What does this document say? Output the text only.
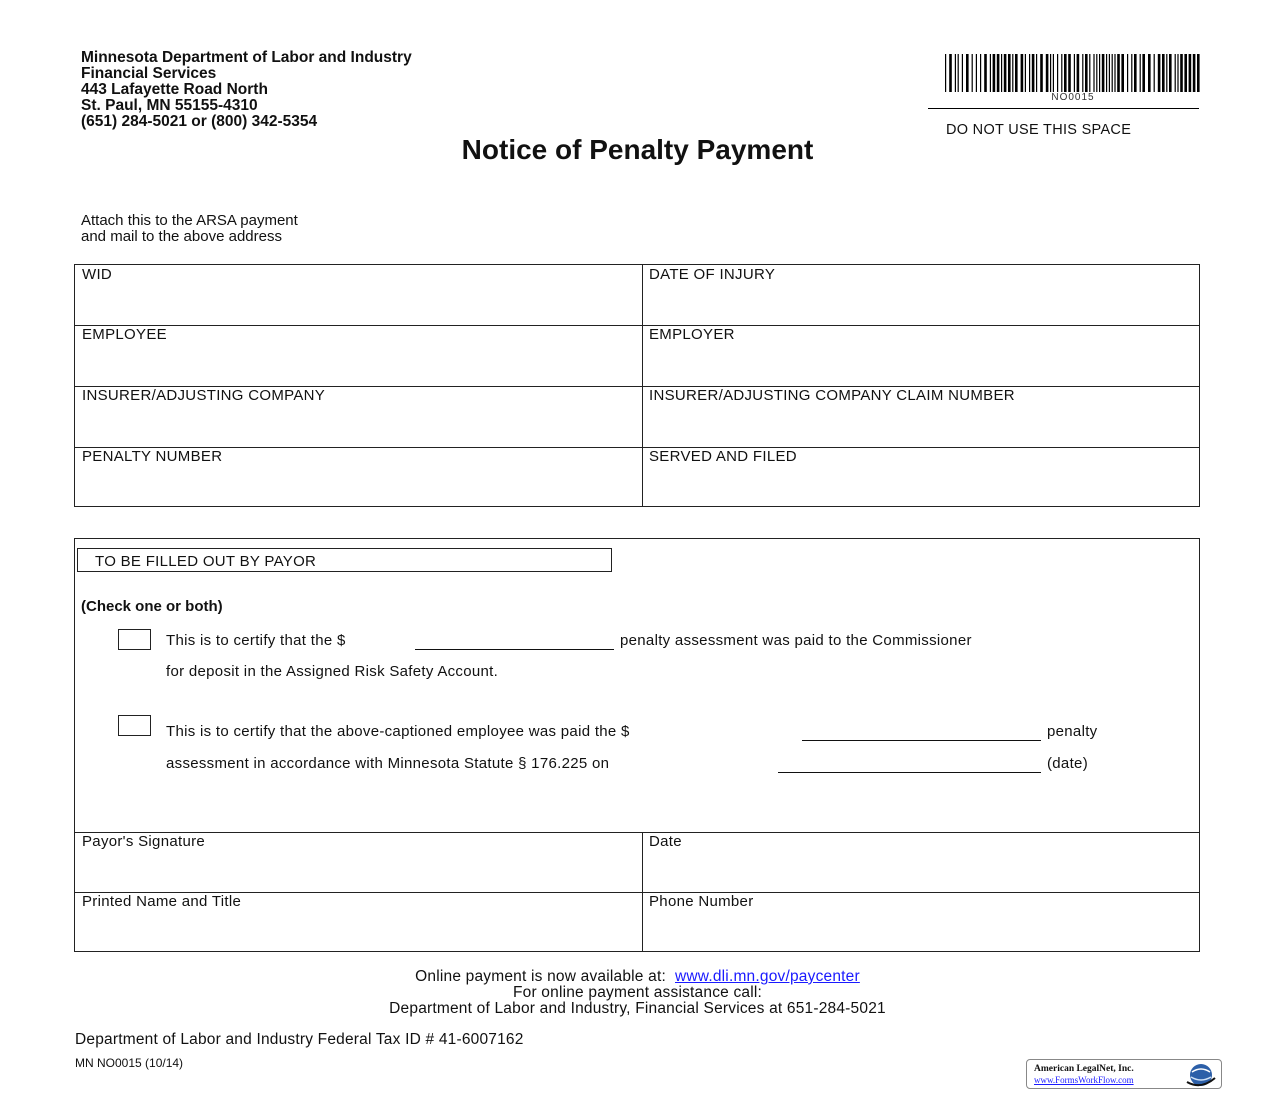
Minnesota Department of Labor and Industry
Financial Services
443 Lafayette Road North
St. Paul, MN 55155-4310
(651) 284-5021 or (800) 342-5354
NO0015
DO NOT USE THIS SPACE
Notice of Penalty Payment
Attach this to the ARSA payment
and mail to the above address
WID	DATE OF INJURY
EMPLOYEE	EMPLOYER
INSURER/ADJUSTING COMPANY	INSURER/ADJUSTING COMPANY CLAIM NUMBER
PENALTY NUMBER	SERVED AND FILED
Payor's Signature	Date
Printed Name and Title	Phone Number
TO BE FILLED OUT BY PAYOR
(Check one or both)
This is to certify that the $	penalty assessment was paid to the Commissioner
for deposit in the Assigned Risk Safety Account.
This is to certify that the above-captioned employee was paid the $	penalty
assessment in accordance with Minnesota Statute § 176.225 on	(date)
Online payment is now available at: www.dli.mn.gov/paycenter
For online payment assistance call:
Department of Labor and Industry, Financial Services at 651-284-5021
Department of Labor and Industry Federal Tax ID # 41-6007162
MN NO0015 (10/14)	American LegalNet, Inc.
www.FormsWorkFlow.com
